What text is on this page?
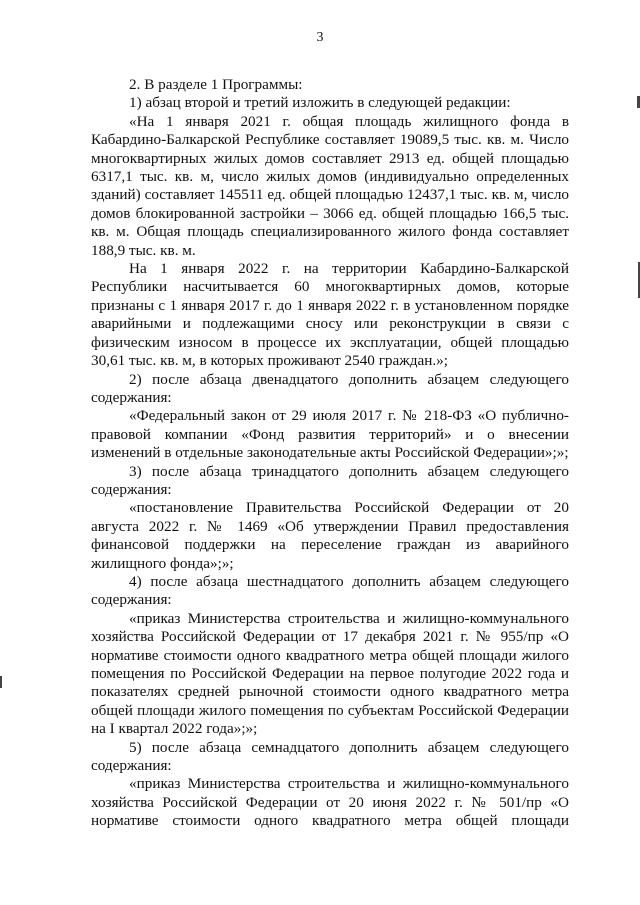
3

2. В разделе 1 Программы:

1) абзац второй и третий изложить в следующей редакции:

«На 1 января 2021 г. общая площадь жилищного фонда в Кабардино-Балкарской Республике составляет 19089,5 тыс. кв. м. Число многоквартирных жилых домов составляет 2913 ед. общей площадью 6317,1 тыс. кв. м, число жилых домов (индивидуально определенных зданий) составляет 145511 ед. общей площадью 12437,1 тыс. кв. м, число домов блокированной застройки – 3066 ед. общей площадью 166,5 тыс. кв. м. Общая площадь специализированного жилого фонда составляет 188,9 тыс. кв. м.

На 1 января 2022 г. на территории Кабардино-Балкарской Республики насчитывается 60 многоквартирных домов, которые признаны с 1 января 2017 г. до 1 января 2022 г. в установленном порядке аварийными и подлежащими сносу или реконструкции в связи с физическим износом в процессе их эксплуатации, общей площадью 30,61 тыс. кв. м, в которых проживают 2540 граждан.»;

2) после абзаца двенадцатого дополнить абзацем следующего содержания:

«Федеральный закон от 29 июля 2017 г. № 218-ФЗ «О публично-правовой компании «Фонд развития территорий» и о внесении изменений в отдельные законодательные акты Российской Федерации»;»;

3) после абзаца тринадцатого дополнить абзацем следующего содержания:

«постановление Правительства Российской Федерации от 20 августа 2022 г. № 1469 «Об утверждении Правил предоставления финансовой поддержки на переселение граждан из аварийного жилищного фонда»;»;

4) после абзаца шестнадцатого дополнить абзацем следующего содержания:

«приказ Министерства строительства и жилищно-коммунального хозяйства Российской Федерации от 17 декабря 2021 г. № 955/пр «О нормативе стоимости одного квадратного метра общей площади жилого помещения по Российской Федерации на первое полугодие 2022 года и показателях средней рыночной стоимости одного квадратного метра общей площади жилого помещения по субъектам Российской Федерации на I квартал 2022 года»;»;

5) после абзаца семнадцатого дополнить абзацем следующего содержания:

«приказ Министерства строительства и жилищно-коммунального хозяйства Российской Федерации от 20 июня 2022 г. № 501/пр «О нормативе стоимости одного квадратного метра общей площади
